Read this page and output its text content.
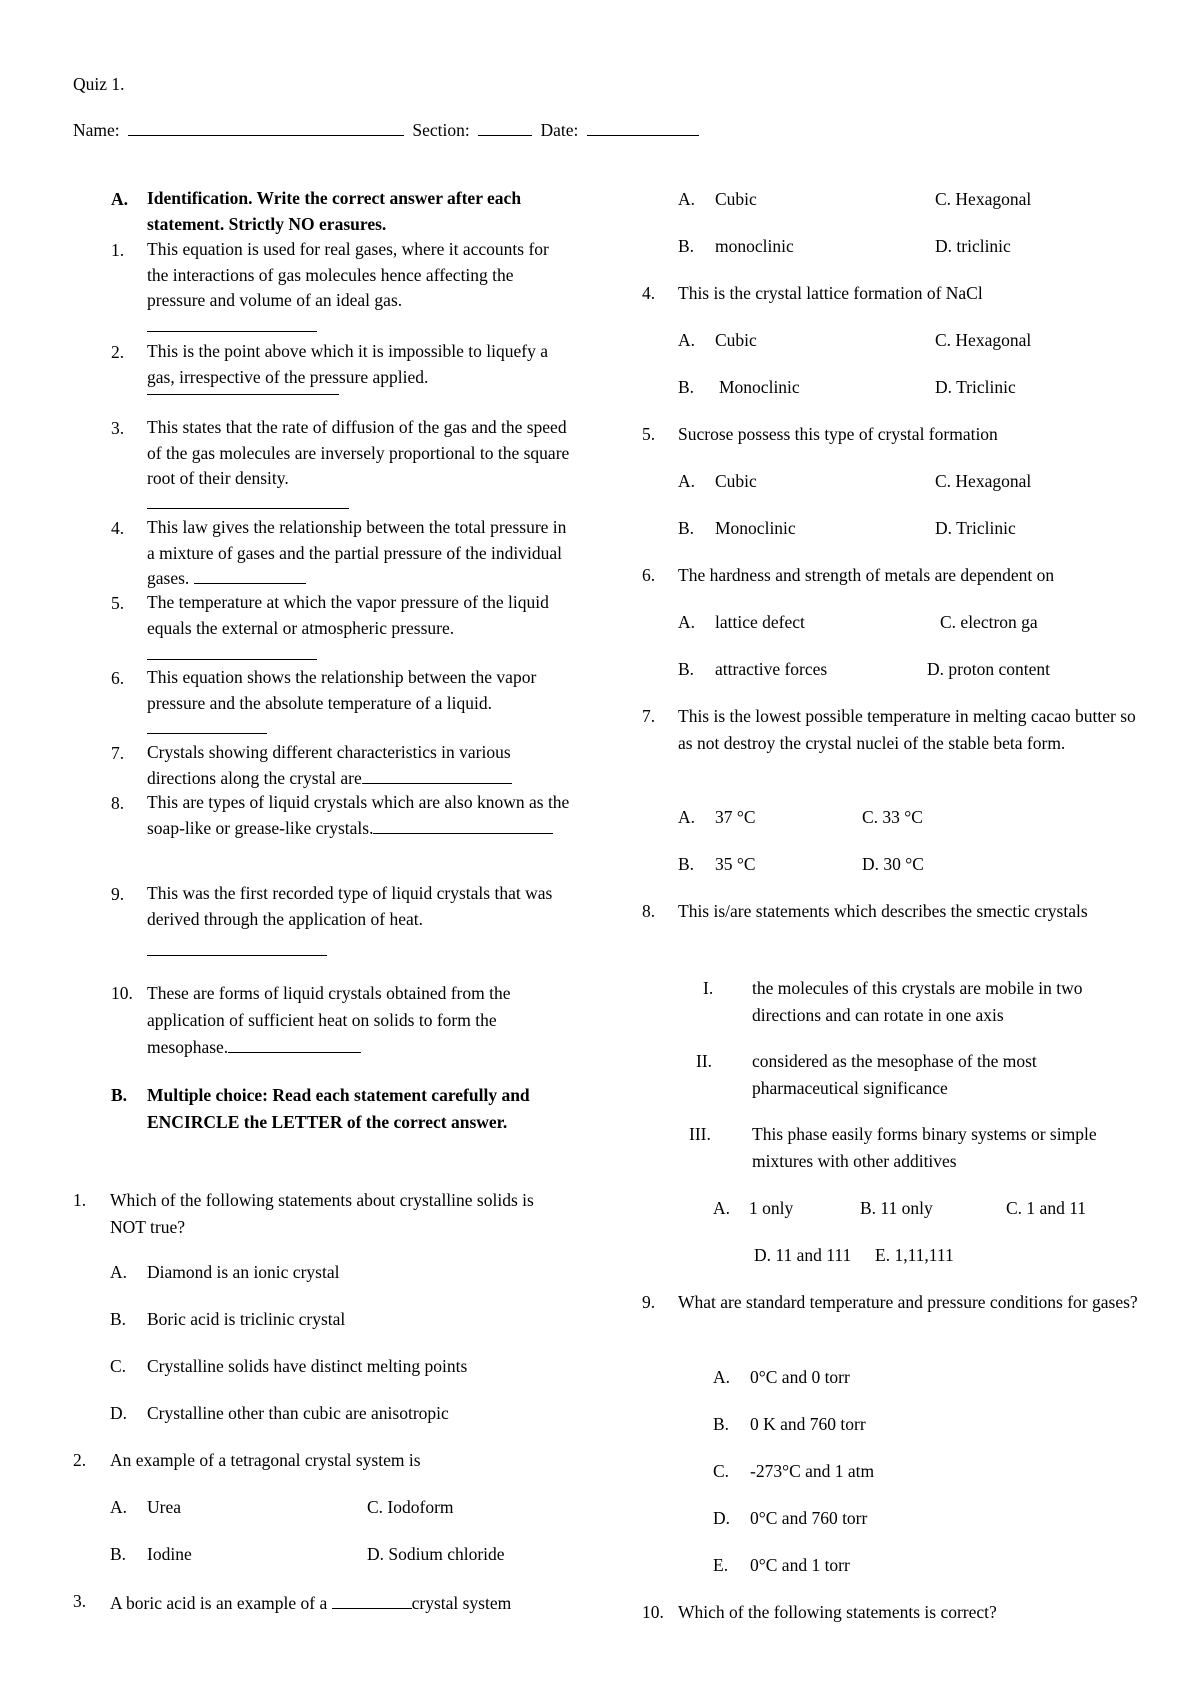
Quiz 1.
Name:	Section:	Date:
A. Identification. Write the correct answer after each statement. Strictly NO erasures.
1. This equation is used for real gases, where it accounts for the interactions of gas molecules hence affecting the pressure and volume of an ideal gas.
2. This is the point above which it is impossible to liquefy a gas, irrespective of the pressure applied.
3. This states that the rate of diffusion of the gas and the speed of the gas molecules are inversely proportional to the square root of their density.
4. This law gives the relationship between the total pressure in a mixture of gases and the partial pressure of the individual gases.
5. The temperature at which the vapor pressure of the liquid equals the external or atmospheric pressure.
6. This equation shows the relationship between the vapor pressure and the absolute temperature of a liquid.
7. Crystals showing different characteristics in various directions along the crystal are
8. This are types of liquid crystals which are also known as the soap-like or grease-like crystals.
9. This was the first recorded type of liquid crystals that was derived through the application of heat.
10. These are forms of liquid crystals obtained from the application of sufficient heat on solids to form the mesophase.
B. Multiple choice: Read each statement carefully and ENCIRCLE the LETTER of the correct answer.
1. Which of the following statements about crystalline solids is NOT true?
A. Diamond is an ionic crystal
B. Boric acid is triclinic crystal
C. Crystalline solids have distinct melting points
D. Crystalline other than cubic are anisotropic
2. An example of a tetragonal crystal system is
A. Urea	C. Iodoform
B. Iodine	D. Sodium chloride
3. A boric acid is an example of a	crystal system
A. Cubic	C. Hexagonal
B. monoclinic	D. triclinic
4. This is the crystal lattice formation of NaCl
A. Cubic	C. Hexagonal
B. Monoclinic	D. Triclinic
5. Sucrose possess this type of crystal formation
A. Cubic	C. Hexagonal
B. Monoclinic	D. Triclinic
6. The hardness and strength of metals are dependent on
A. lattice defect	C. electron ga
B. attractive forces	D. proton content
7. This is the lowest possible temperature in melting cacao butter so as not destroy the crystal nuclei of the stable beta form.
A. 37 °C	C. 33 °C
B. 35 °C	D. 30 °C
8. This is/are statements which describes the smectic crystals
I. the molecules of this crystals are mobile in two directions and can rotate in one axis
II. considered as the mesophase of the most pharmaceutical significance
III. This phase easily forms binary systems or simple mixtures with other additives
A. 1 only	B. 11 only	C. 1 and 11
D. 11 and 111 E. 1,11,111
9. What are standard temperature and pressure conditions for gases?
A. 0°C and 0 torr
B. 0 K and 760 torr
C. -273°C and 1 atm
D. 0°C and 760 torr
E. 0°C and 1 torr
10. Which of the following statements is correct?
